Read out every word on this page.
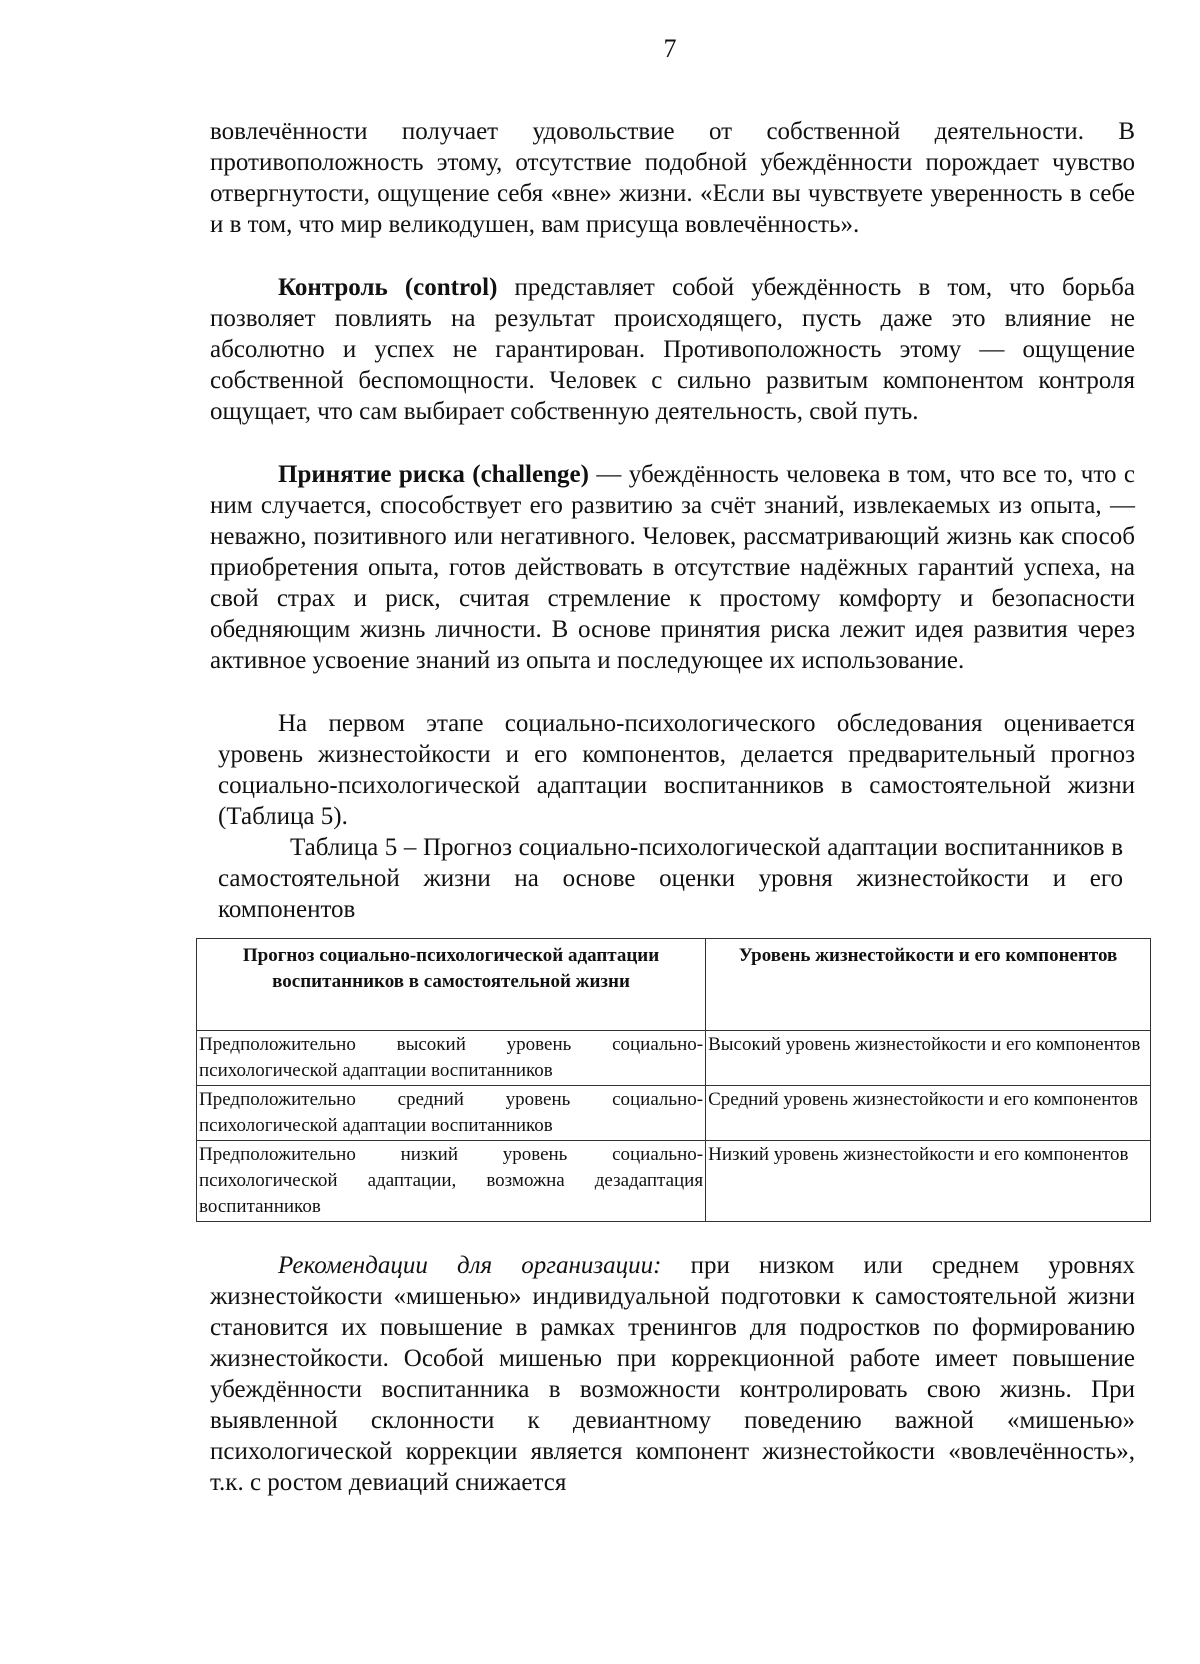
7

вовлечённости получает удовольствие от собственной деятельности. В противоположность этому, отсутствие подобной убеждённости порождает чувство отвергнутости, ощущение себя «вне» жизни. «Если вы чувствуете уверенность в себе и в том, что мир великодушен, вам присуща вовлечённость».

Контроль (control) представляет собой убеждённость в том, что борьба позволяет повлиять на результат происходящего, пусть даже это влияние не абсолютно и успех не гарантирован. Противоположность этому — ощущение собственной беспомощности. Человек с сильно развитым компонентом контроля ощущает, что сам выбирает собственную деятельность, свой путь.

Принятие риска (challenge) — убеждённость человека в том, что все то, что с ним случается, способствует его развитию за счёт знаний, извлекаемых из опыта, — неважно, позитивного или негативного. Человек, рассматривающий жизнь как способ приобретения опыта, готов действовать в отсутствие надёжных гарантий успеха, на свой страх и риск, считая стремление к простому комфорту и безопасности обедняющим жизнь личности. В основе принятия риска лежит идея развития через активное усвоение знаний из опыта и последующее их использование.

На первом этапе социально-психологического обследования оценивается уровень жизнестойкости и его компонентов, делается предварительный прогноз социально-психологической адаптации воспитанников в самостоятельной жизни (Таблица 5).

Таблица 5 – Прогноз социально-психологической адаптации воспитанников в самостоятельной жизни на основе оценки уровня жизнестойкости и его компонентов

Прогноз социально-психологической адаптации воспитанников в самостоятельной жизни	Уровень жизнестойкости и его компонентов
Предположительно высокий уровень социально-психологической адаптации воспитанников	Высокий уровень жизнестойкости и его компонентов
Предположительно средний уровень социально-психологической адаптации воспитанников	Средний уровень жизнестойкости и его компонентов
Предположительно низкий уровень социально-психологической адаптации, возможна дезадаптация воспитанников	Низкий уровень жизнестойкости и его компонентов

Рекомендации для организации: при низком или среднем уровнях жизнестойкости «мишенью» индивидуальной подготовки к самостоятельной жизни становится их повышение в рамках тренингов для подростков по формированию жизнестойкости. Особой мишенью при коррекционной работе имеет повышение убеждённости воспитанника в возможности контролировать свою жизнь. При выявленной склонности к девиантному поведению важной «мишенью» психологической коррекции является компонент жизнестойкости «вовлечённость», т.к. с ростом девиаций снижается
